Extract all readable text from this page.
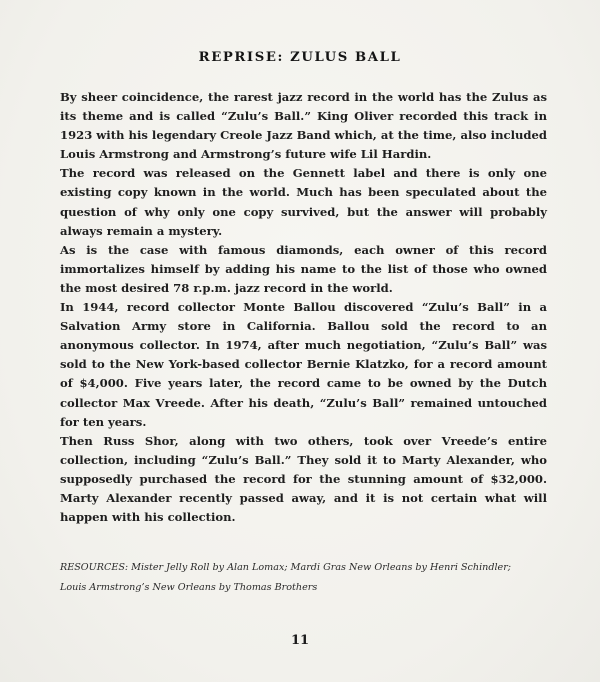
REPRISE: ZULUS BALL

By sheer coincidence, the rarest jazz record in the world has the Zulus as its theme and is called “Zulu’s Ball.” King Oliver recorded this track in 1923 with his legendary Creole Jazz Band which, at the time, also included Louis Armstrong and Armstrong’s future wife Lil Hardin.

The record was released on the Gennett label and there is only one existing copy known in the world. Much has been speculated about the question of why only one copy survived, but the answer will probably always remain a mystery.

As is the case with famous diamonds, each owner of this record immortalizes himself by adding his name to the list of those who owned the most desired 78 r.p.m. jazz record in the world.

In 1944, record collector Monte Ballou discovered “Zulu’s Ball” in a Salvation Army store in California. Ballou sold the record to an anonymous collector. In 1974, after much negotiation, “Zulu’s Ball” was sold to the New York-based collector Bernie Klatzko, for a record amount of $4,000. Five years later, the record came to be owned by the Dutch collector Max Vreede. After his death, “Zulu’s Ball” remained untouched for ten years.

Then Russ Shor, along with two others, took over Vreede’s entire collection, including “Zulu’s Ball.” They sold it to Marty Alexander, who supposedly purchased the record for the stunning amount of $32,000. Marty Alexander recently passed away, and it is not certain what will happen with his collection.

RESOURCES: Mister Jelly Roll by Alan Lomax; Mardi Gras New Orleans by Henri Schindler; Louis Armstrong’s New Orleans by Thomas Brothers
11
